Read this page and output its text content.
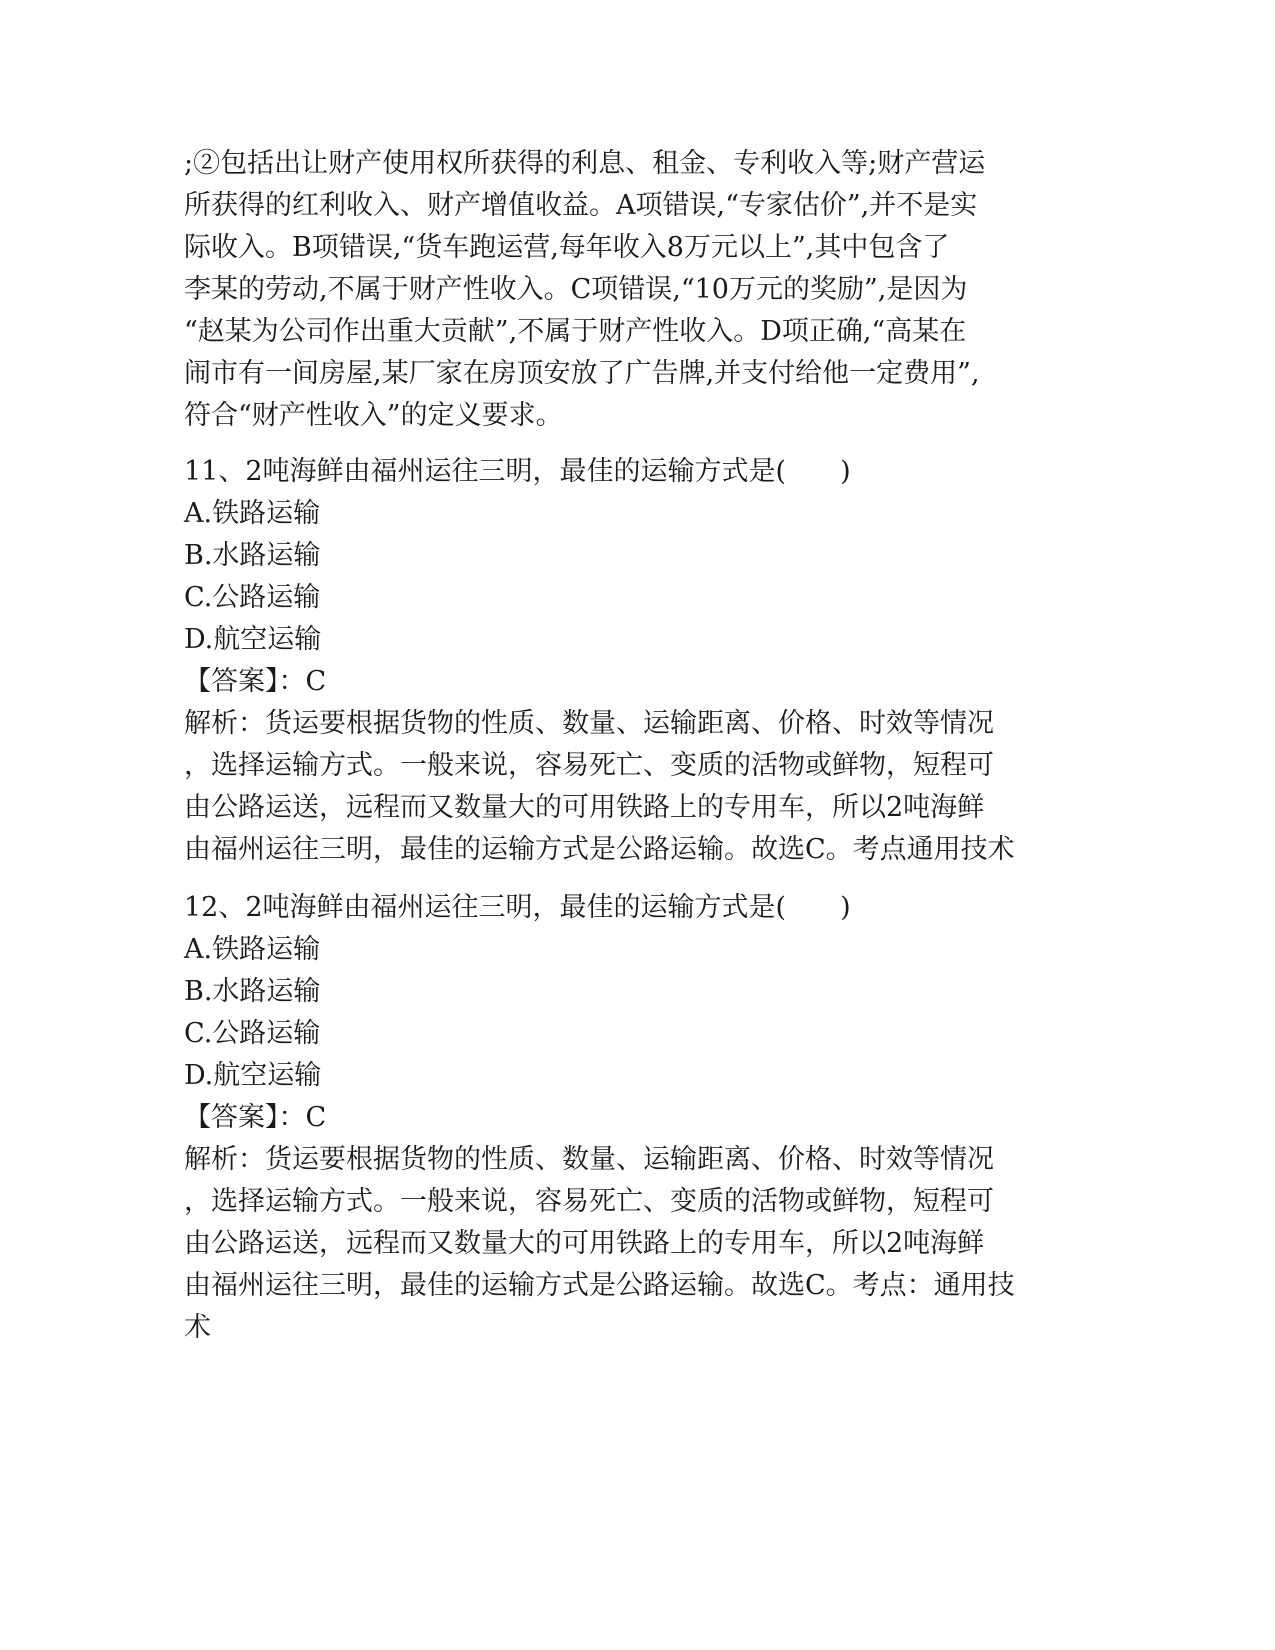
;②包括出让财产使用权所获得的利息、租金、专利收入等;财产营运
所获得的红利收入、财产增值收益。A项错误,“专家估价”,并不是实
际收入。B项错误,“货车跑运营,每年收入8万元以上”,其中包含了
李某的劳动,不属于财产性收入。C项错误,“10万元的奖励”,是因为
“赵某为公司作出重大贡献”,不属于财产性收入。D项正确,“高某在
闹市有一间房屋,某厂家在房顶安放了广告牌,并支付给他一定费用”,
符合“财产性收入”的定义要求。
11、2吨海鲜由福州运往三明，最佳的运输方式是(　　)
A.铁路运输
B.水路运输
C.公路运输
D.航空运输
【答案】：C
解析：货运要根据货物的性质、数量、运输距离、价格、时效等情况
，选择运输方式。一般来说，容易死亡、变质的活物或鲜物，短程可
由公路运送，远程而又数量大的可用铁路上的专用车，所以2吨海鲜
由福州运往三明，最佳的运输方式是公路运输。故选C。考点通用技术
12、2吨海鲜由福州运往三明，最佳的运输方式是(　　)
A.铁路运输
B.水路运输
C.公路运输
D.航空运输
【答案】：C
解析：货运要根据货物的性质、数量、运输距离、价格、时效等情况
，选择运输方式。一般来说，容易死亡、变质的活物或鲜物，短程可
由公路运送，远程而又数量大的可用铁路上的专用车，所以2吨海鲜
由福州运往三明，最佳的运输方式是公路运输。故选C。考点：通用技
术
